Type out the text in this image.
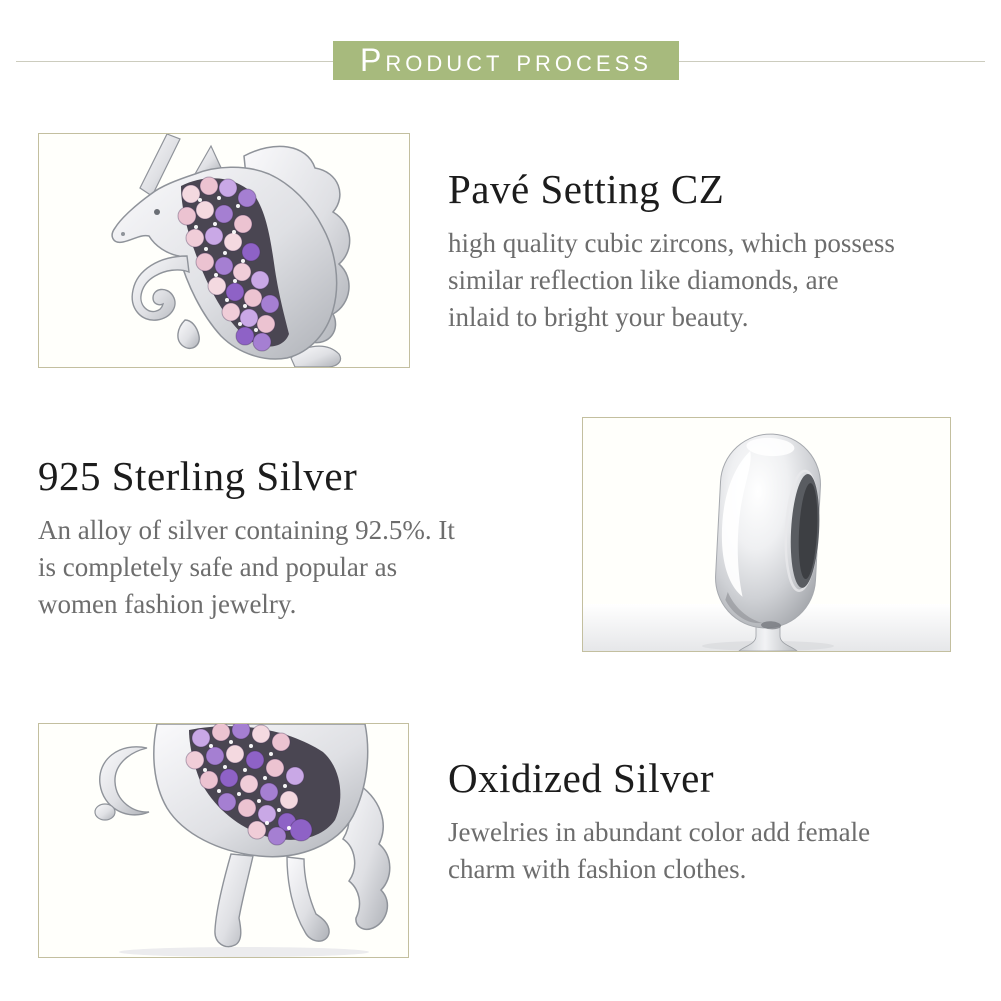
Product process
Pavé Setting CZ

high quality cubic zircons, which possess
similar reflection like diamonds, are
inlaid to bright your beauty.

925 Sterling Silver

An alloy of silver containing 92.5%. It
is completely safe and popular as
women fashion jewelry.

Oxidized Silver

Jewelries in abundant color add female
charm with fashion clothes.
